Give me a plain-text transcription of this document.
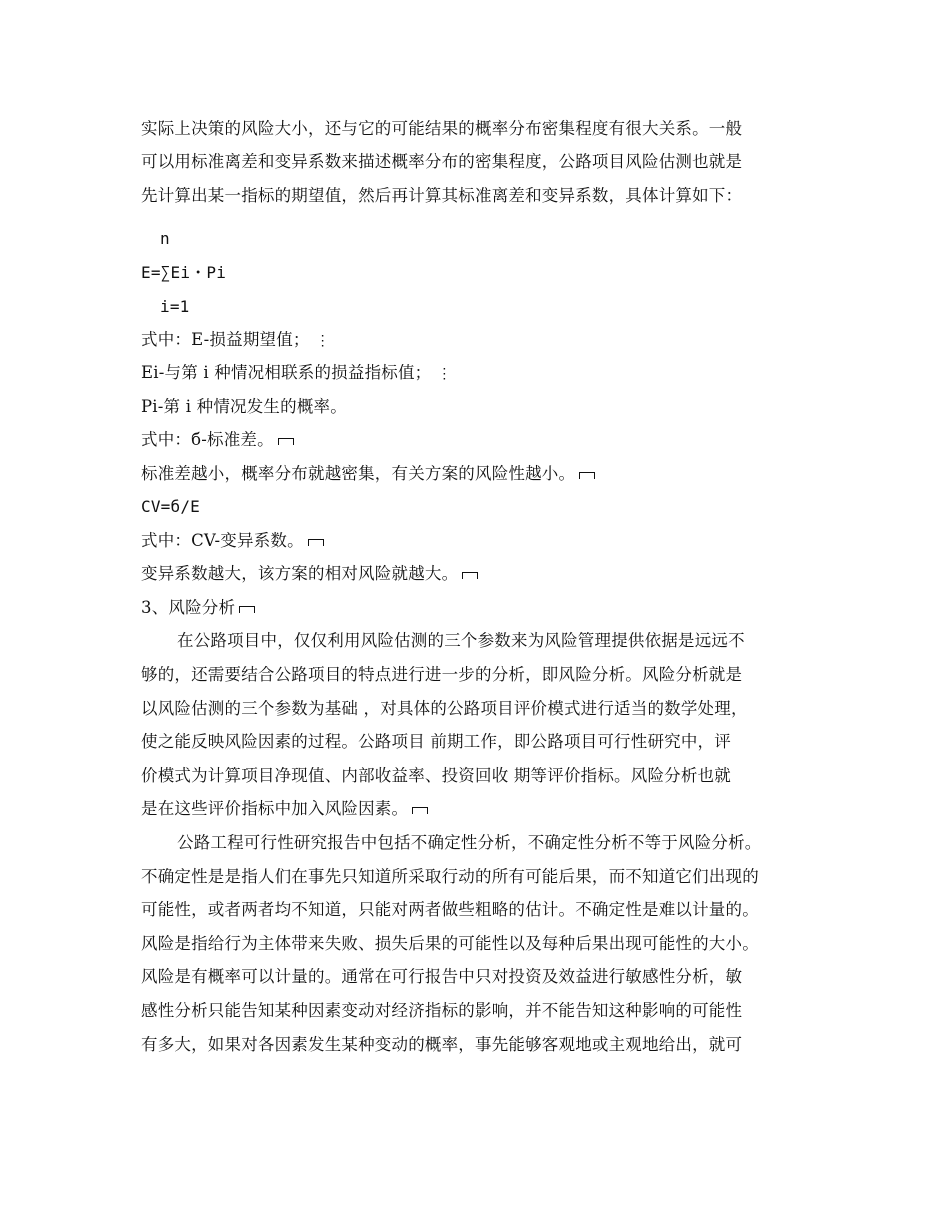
实际上决策的风险大小，还与它的可能结果的概率分布密集程度有很大关系。一般
可以用标准离差和变异系数来描述概率分布的密集程度，公路项目风险估测也就是
先计算出某一指标的期望值，然后再计算其标准离差和变异系数，具体计算如下：
n
E=∑Ei・Pi
i=1
式中：E-损益期望值； ⋮
Ei-与第 i 种情况相联系的损益指标值； ⋮
Pi-第 i 种情况发生的概率。
式中：б-标准差。
标准差越小，概率分布就越密集，有关方案的风险性越小。
CV=б/E
式中：CV-变异系数。
变异系数越大，该方案的相对风险就越大。
3、风险分析
在公路项目中，仅仅利用风险估测的三个参数来为风险管理提供依据是远远不
够的，还需要结合公路项目的特点进行进一步的分析，即风险分析。风险分析就是
以风险估测的三个参数为基础 ，对具体的公路项目评价模式进行适当的数学处理，
使之能反映风险因素的过程。公路项目 前期工作，即公路项目可行性研究中，评
价模式为计算项目净现值、内部收益率、投资回收 期等评价指标。风险分析也就
是在这些评价指标中加入风险因素。
公路工程可行性研究报告中包括不确定性分析，不确定性分析不等于风险分析。
不确定性是是指人们在事先只知道所采取行动的所有可能后果，而不知道它们出现的
可能性，或者两者均不知道，只能对两者做些粗略的估计。不确定性是难以计量的。
风险是指给行为主体带来失败、损失后果的可能性以及每种后果出现可能性的大小。
风险是有概率可以计量的。通常在可行报告中只对投资及效益进行敏感性分析，敏
感性分析只能告知某种因素变动对经济指标的影响，并不能告知这种影响的可能性
有多大，如果对各因素发生某种变动的概率，事先能够客观地或主观地给出，就可
